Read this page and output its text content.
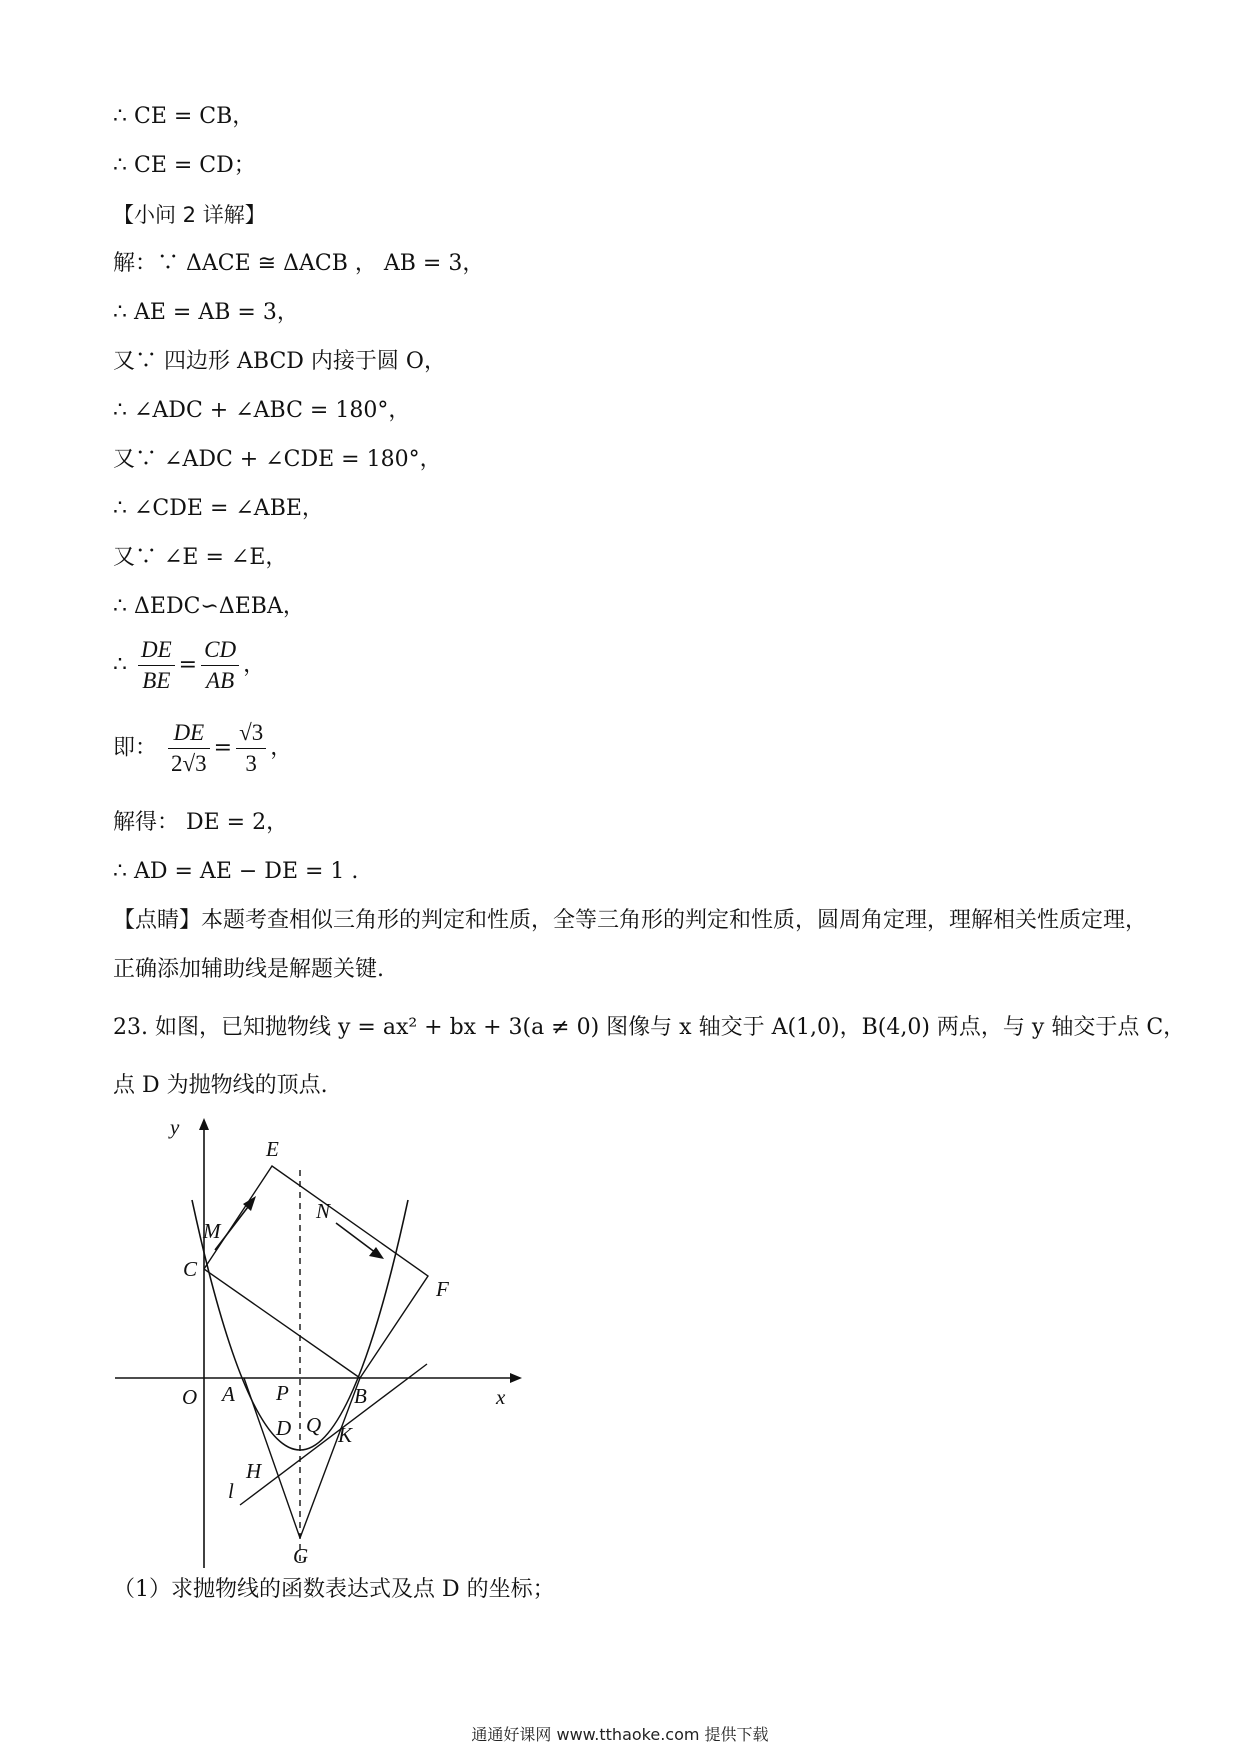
∴ CE = CB，
∴ CE = CD；
【小问 2 详解】
解：∵ ΔACE ≅ ΔACB ， AB = 3，
∴ AE = AB = 3，
又∵ 四边形 ABCD 内接于圆 O，
∴ ∠ADC + ∠ABC = 180°，
又∵ ∠ADC + ∠CDE = 180°，
∴ ∠CDE = ∠ABE，
又∵ ∠E = ∠E，
∴ ΔEDC∽ΔEBA，
∴ $\frac{DE}{BE} = \frac{CD}{AB}$ ，
即： $\frac{DE}{2√3} = \frac{√3}{3}$ ，
解得： DE = 2，
∴ AD = AE − DE = 1 .
【点睛】本题考查相似三角形的判定和性质，全等三角形的判定和性质，圆周角定理，理解相关性质定理，
正确添加辅助线是解题关键.
23. 如图，已知抛物线 y = ax² + bx + 3(a ≠ 0) 图像与 x 轴交于 A(1,0)，B(4,0) 两点，与 y 轴交于点 C，
点 D 为抛物线的顶点.
y
x
O A P	B
C
D Q K
E
M
N
F
H
l
G
（1）求抛物线的函数表达式及点 D 的坐标；
通通好课网 www.tthaoke.com 提供下载
